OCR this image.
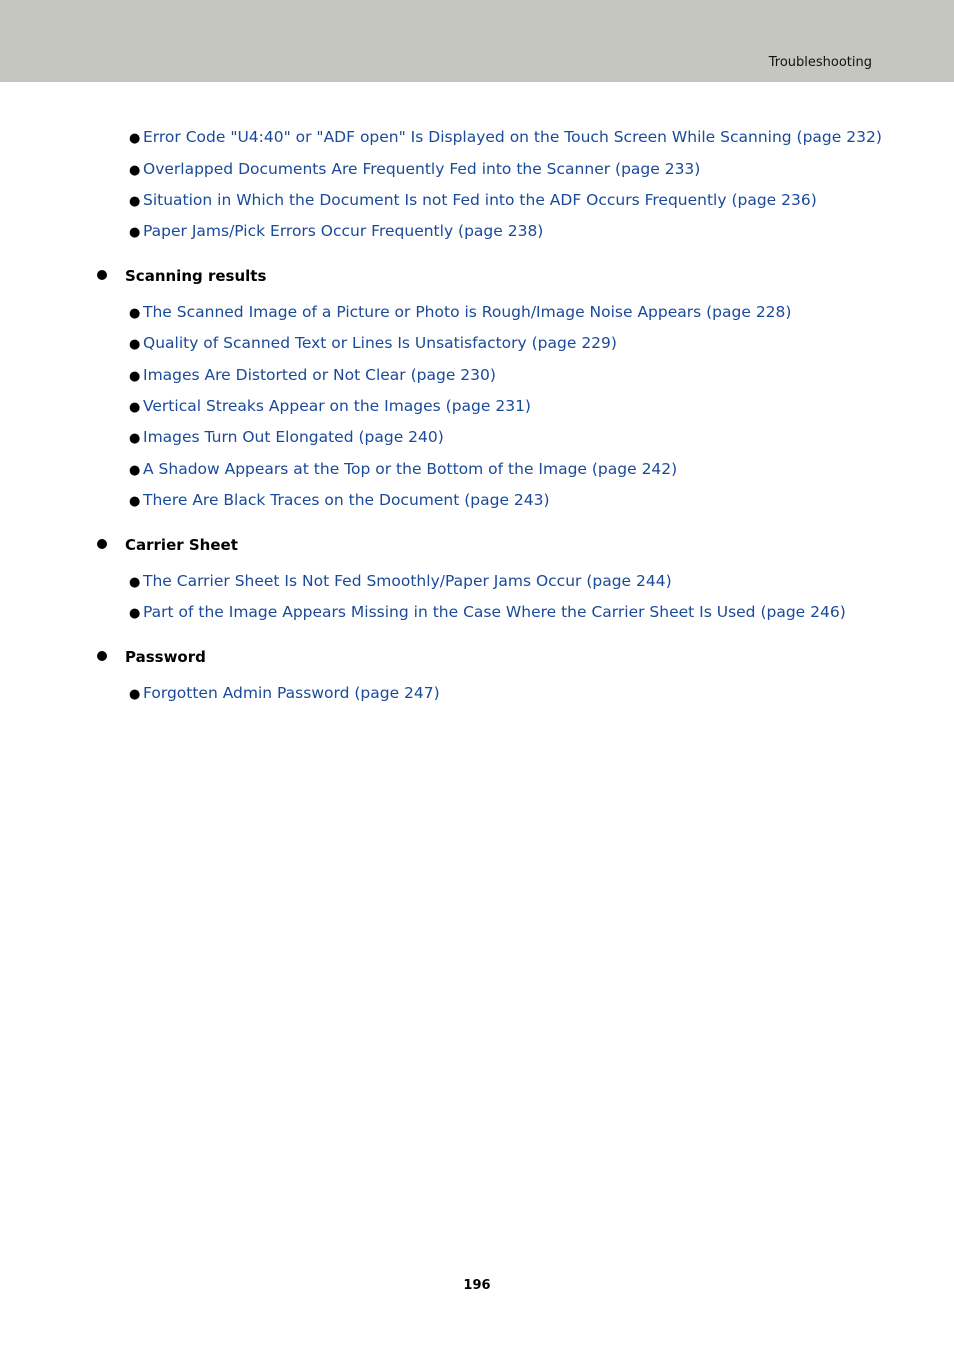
Troubleshooting
● Error Code "U4:40" or "ADF open" Is Displayed on the Touch Screen While Scanning (page 232)
● Overlapped Documents Are Frequently Fed into the Scanner (page 233)
● Situation in Which the Document Is not Fed into the ADF Occurs Frequently (page 236)
● Paper Jams/Pick Errors Occur Frequently (page 238)
Scanning results
● The Scanned Image of a Picture or Photo is Rough/Image Noise Appears (page 228)
● Quality of Scanned Text or Lines Is Unsatisfactory (page 229)
● Images Are Distorted or Not Clear (page 230)
● Vertical Streaks Appear on the Images (page 231)
● Images Turn Out Elongated (page 240)
● A Shadow Appears at the Top or the Bottom of the Image (page 242)
● There Are Black Traces on the Document (page 243)
Carrier Sheet
● The Carrier Sheet Is Not Fed Smoothly/Paper Jams Occur (page 244)
● Part of the Image Appears Missing in the Case Where the Carrier Sheet Is Used (page 246)
Password
● Forgotten Admin Password (page 247)
196
